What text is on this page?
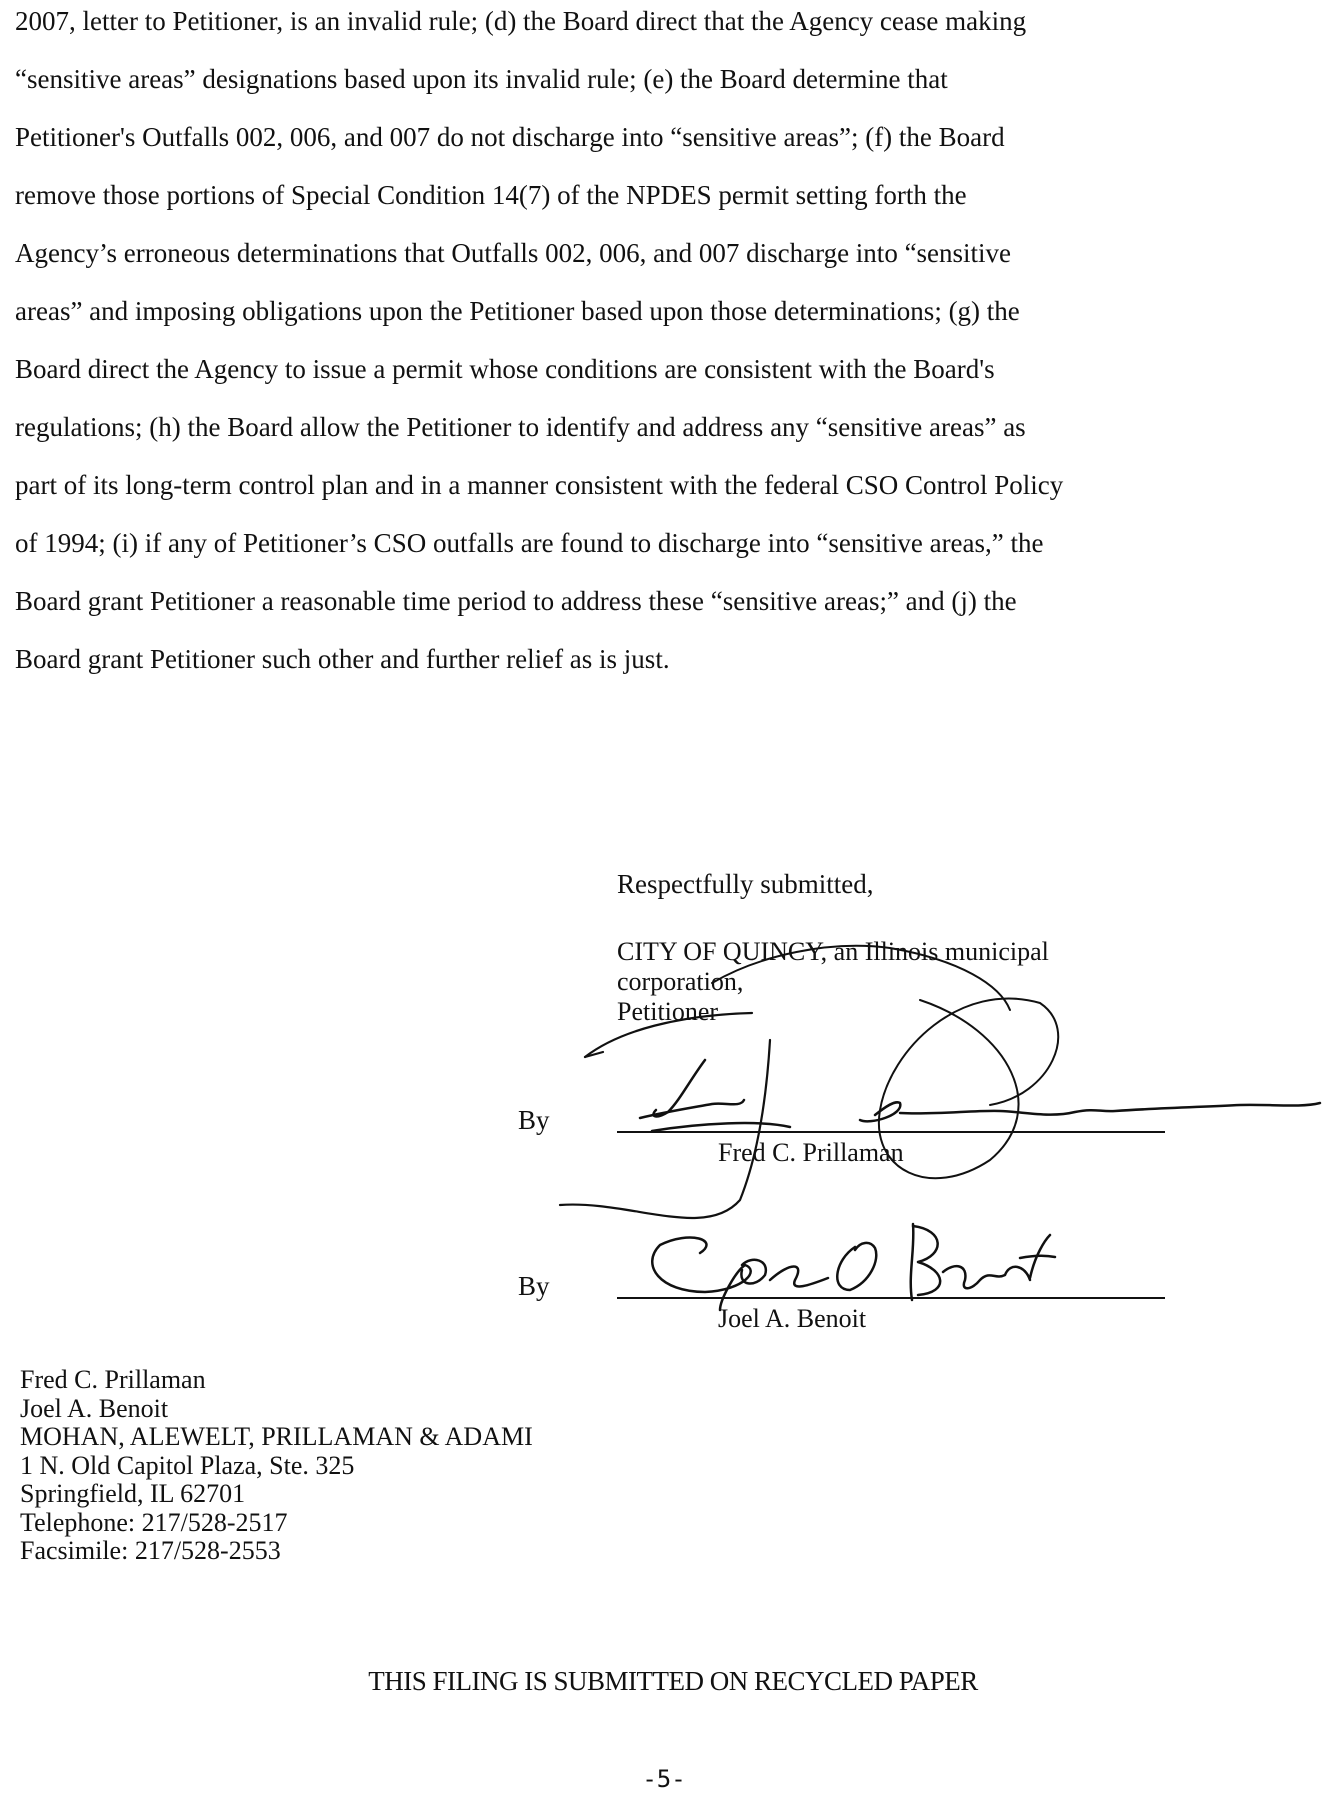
2007, letter to Petitioner, is an invalid rule; (d) the Board direct that the Agency cease making
“sensitive areas” designations based upon its invalid rule; (e) the Board determine that
Petitioner's Outfalls 002, 006, and 007 do not discharge into “sensitive areas”; (f) the Board
remove those portions of Special Condition 14(7) of the NPDES permit setting forth the
Agency’s erroneous determinations that Outfalls 002, 006, and 007 discharge into “sensitive
areas” and imposing obligations upon the Petitioner based upon those determinations; (g) the
Board direct the Agency to issue a permit whose conditions are consistent with the Board's
regulations; (h) the Board allow the Petitioner to identify and address any “sensitive areas” as
part of its long-term control plan and in a manner consistent with the federal CSO Control Policy
of 1994; (i) if any of Petitioner’s CSO outfalls are found to discharge into “sensitive areas,” the
Board grant Petitioner a reasonable time period to address these “sensitive areas;” and (j) the
Board grant Petitioner such other and further relief as is just.
Respectfully submitted,
CITY OF QUINCY, an Illinois municipal
corporation,
Petitioner
By
Fred C. Prillaman
By
Joel A. Benoit
Fred C. Prillaman
Joel A. Benoit
MOHAN, ALEWELT, PRILLAMAN & ADAMI
1 N. Old Capitol Plaza, Ste. 325
Springfield, IL 62701
Telephone: 217/528-2517
Facsimile: 217/528-2553
THIS FILING IS SUBMITTED ON RECYCLED PAPER
-5-
